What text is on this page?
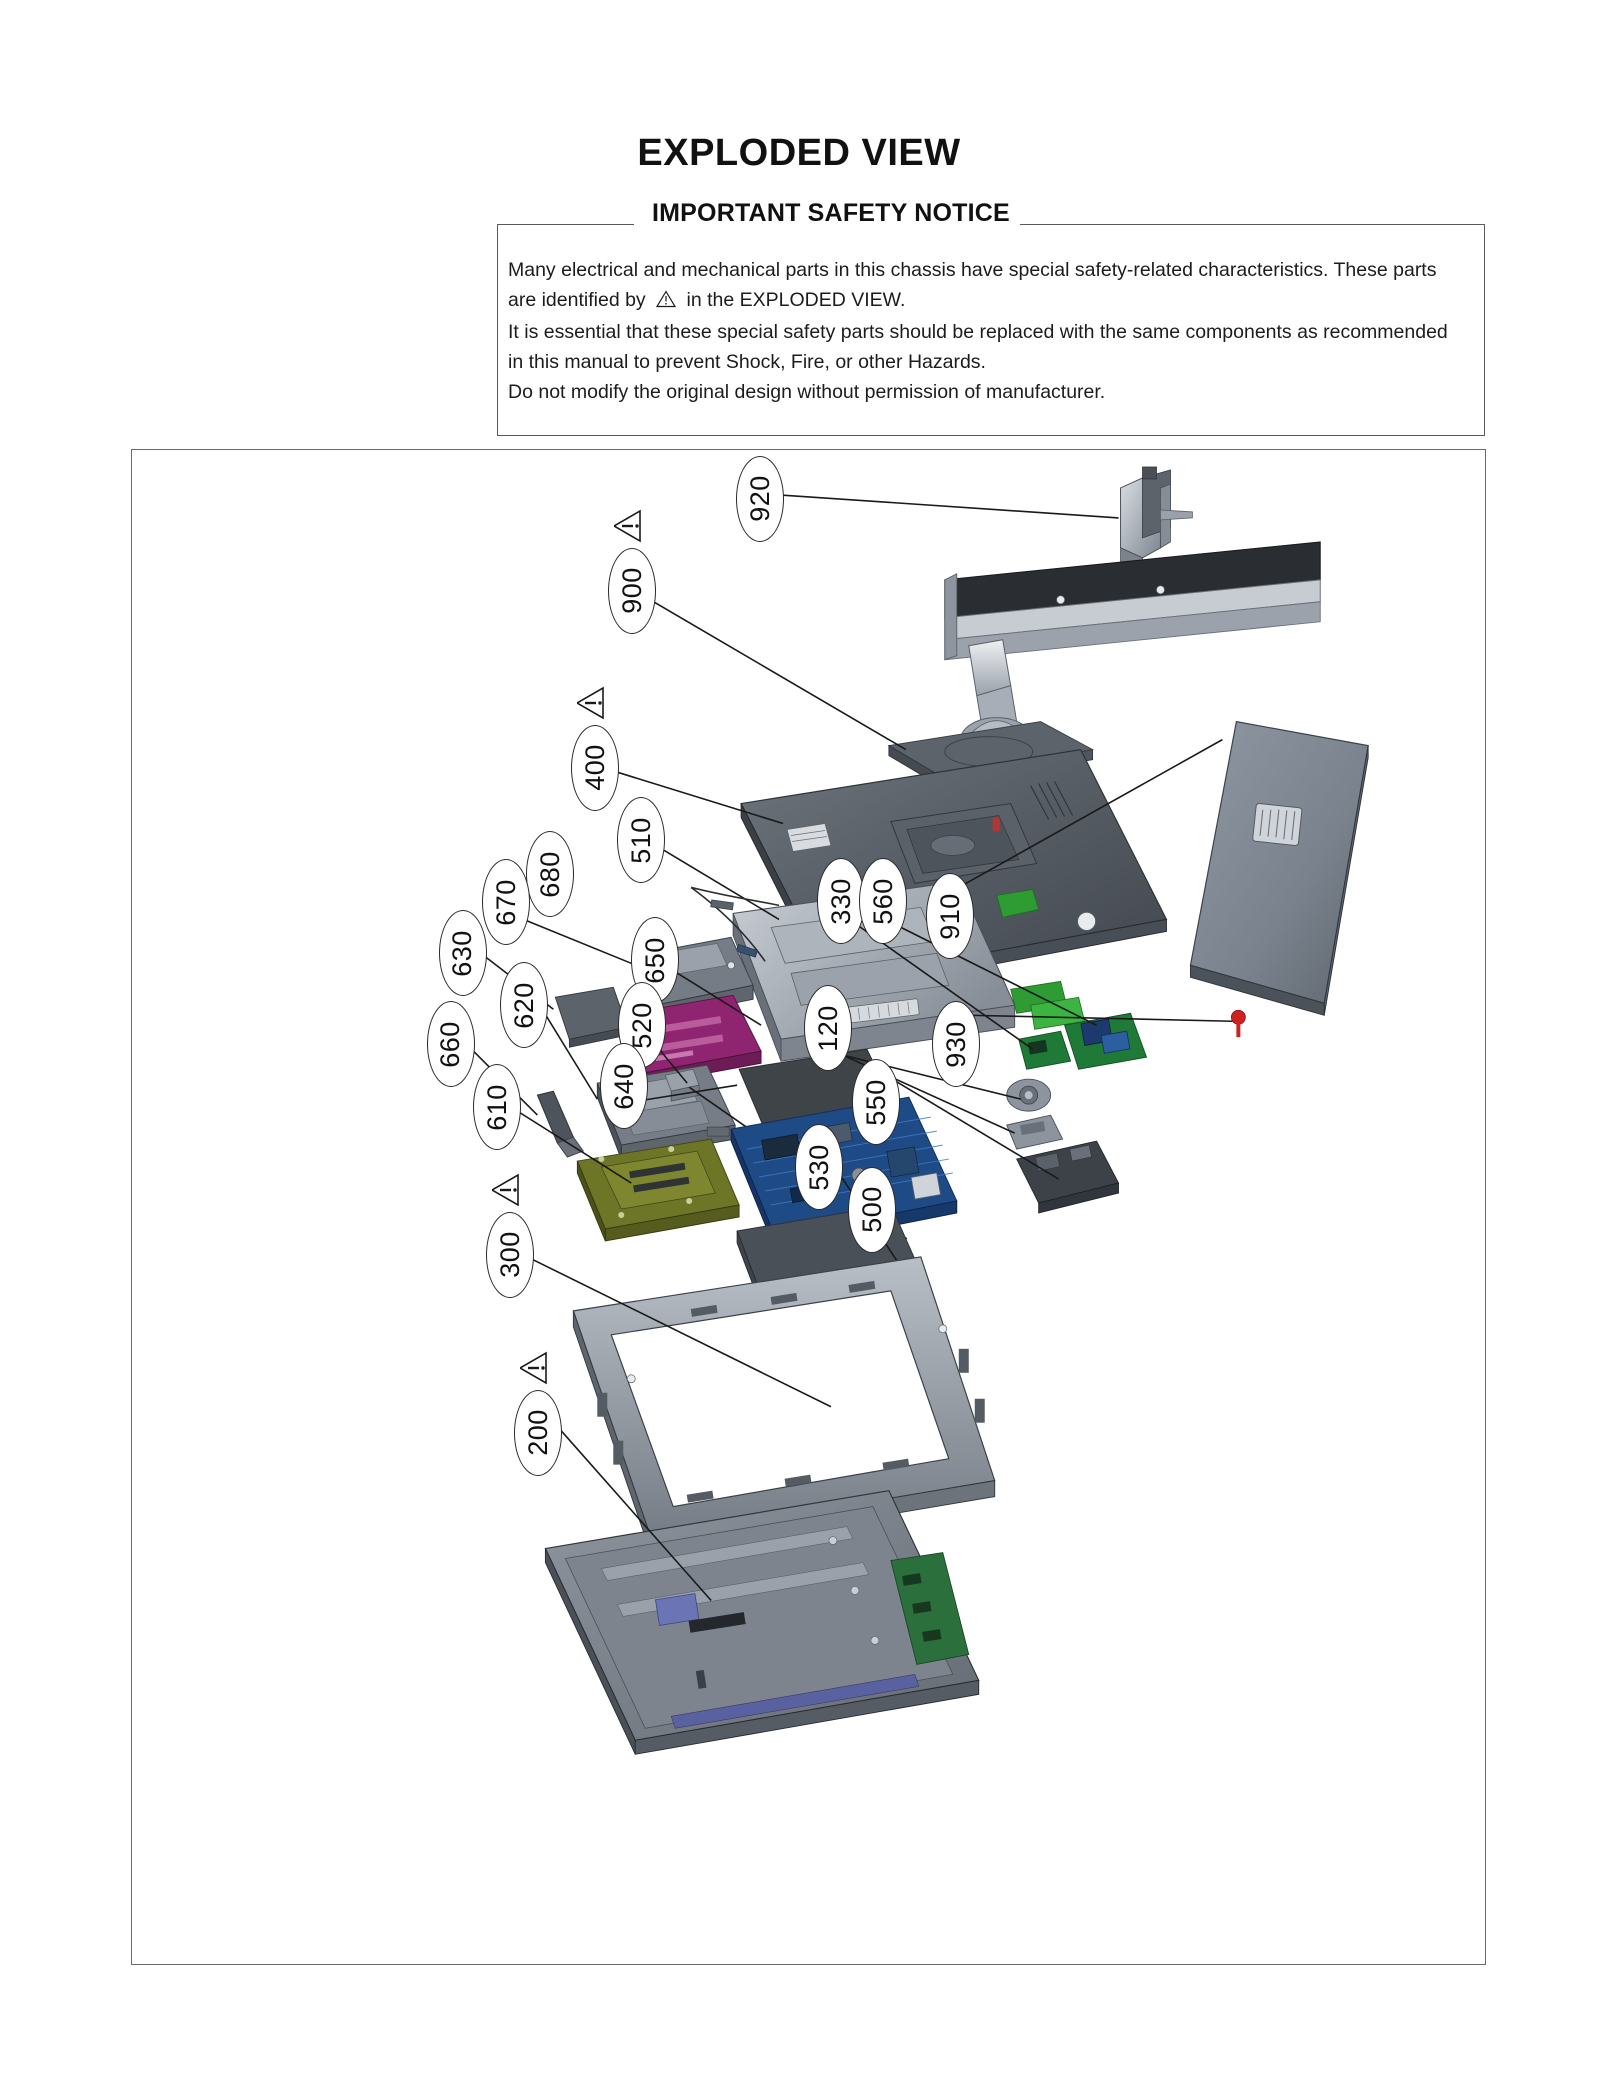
EXPLODED VIEW
IMPORTANT SAFETY NOTICE

Many electrical and mechanical parts in this chassis have special safety-related characteristics. These parts

are identified by in the EXPLODED VIEW.

It is essential that these special safety parts should be replaced with the same components as recommended

in this manual to prevent Shock, Fire, or other Hazards.

Do not modify the original design without permission of manufacturer.

920
900
400
510
680
670	330 560 910
630	650
620	520	120
660	930
610	640	550
530
500
300
200
